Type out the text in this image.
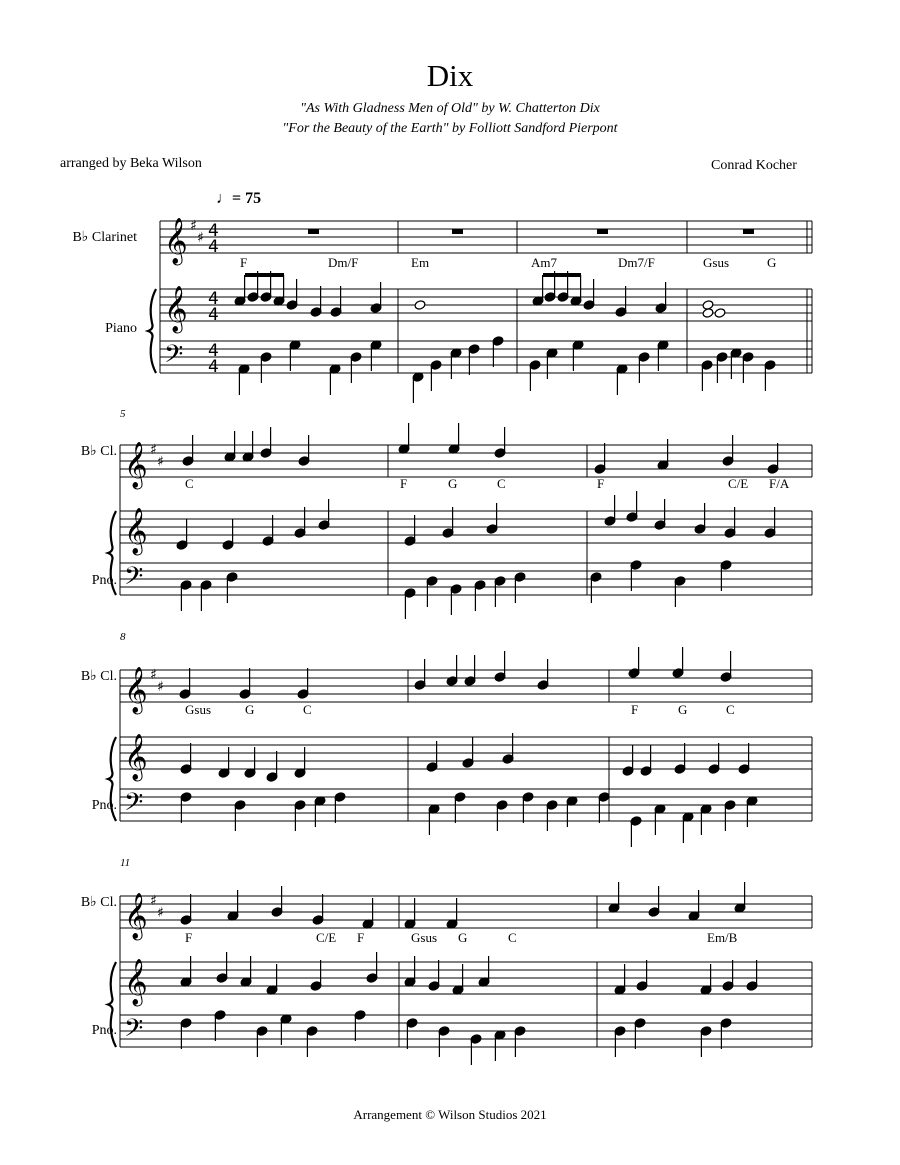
Dix
"As With Gladness Men of Old" by W. Chatterton Dix
"For the Beauty of the Earth" by Folliott Sandford Pierpont
arranged by Beka Wilson	Conrad Kocher
♩= 75
B♭ Clarinet
Piano
B♭ Cl.
Pno.
B♭ Cl.
Pno.
B♭ Cl.
Pno.
5
8
11
F	Dm/F	Em	Am7	Dm7/F	Gsus	G
C	F	G	C	F	C/E F/A
Gsus	G	C	F	G	C
F	C/E F	Gsus G	C	Em/B
Arrangement © Wilson Studios 2021
𝄞
𝄞
𝄢
♯
♯ 4
4
4
4
4
4
𝄞
𝄞
𝄢
♯
♯
𝄞
𝄞
𝄢
♯
♯
𝄞
𝄞
𝄢
♯
♯
